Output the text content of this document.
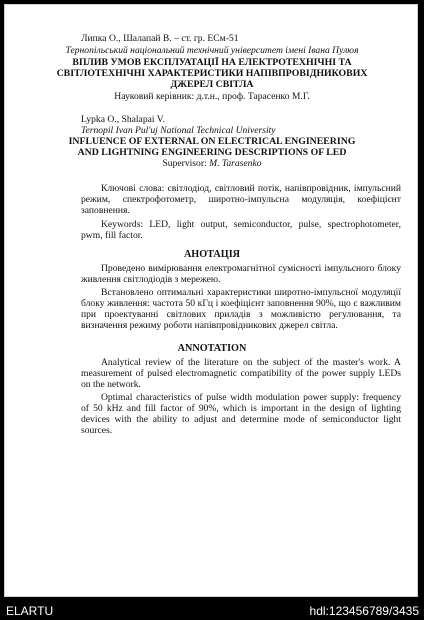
Липка О., Шалапай В. – ст. гр. ЕСм-51
Тернопільський національний технічний університет імені Івана Пулюя
ВПЛИВ УМОВ ЕКСПЛУАТАЦІЇ НА ЕЛЕКТРОТЕХНІЧНІ ТА
СВІТЛОТЕХНІЧНІ ХАРАКТЕРИСТИКИ НАПІВПРОВІДНИКОВИХ
ДЖЕРЕЛ СВІТЛА
Науковий керівник: д.т.н., проф. Тарасенко М.Г.
Lypka O., Shalapai V.
Ternopil Ivan Pul'uj National Technical University
INFLUENCE OF EXTERNAL ON ELECTRICAL ENGINEERING
AND LIGHTNING ENGINEERING DESCRIPTIONS OF LED
Supervisor: M. Tarasenko
Ключові слова: світлодіод, світловий потік, напівпровідник, імпульсний режим, спектрофотометр, широтно-імпульсна модуляція, коефіцієнт заповнення.
Keywords: LED, light output, semiconductor, pulse, spectrophotometer, pwm, fill factor.
АНОТАЦІЯ
Проведено вимірювання електромагнітної сумісності імпульсного блоку живлення світлодіодів з мережею.
Встановлено оптимальні характеристики широтно-імпульсної модуляції блоку живлення: частота 50 кГц і коефіцієнт заповнення 90%, що є важливим при проектуванні світлових приладів з можливістю регулювання, та визначення режиму роботи напівпровідникових джерел світла.
ANNOTATION
Analytical review of the literature on the subject of the master's work. A measurement of pulsed electromagnetic compatibility of the power supply LEDs on the network.
Optimal characteristics of pulse width modulation power supply: frequency of 50 kHz and fill factor of 90%, which is important in the design of lighting devices with the ability to adjust and determine mode of semiconductor light sources.
ELARTU	hdl:123456789/3435
